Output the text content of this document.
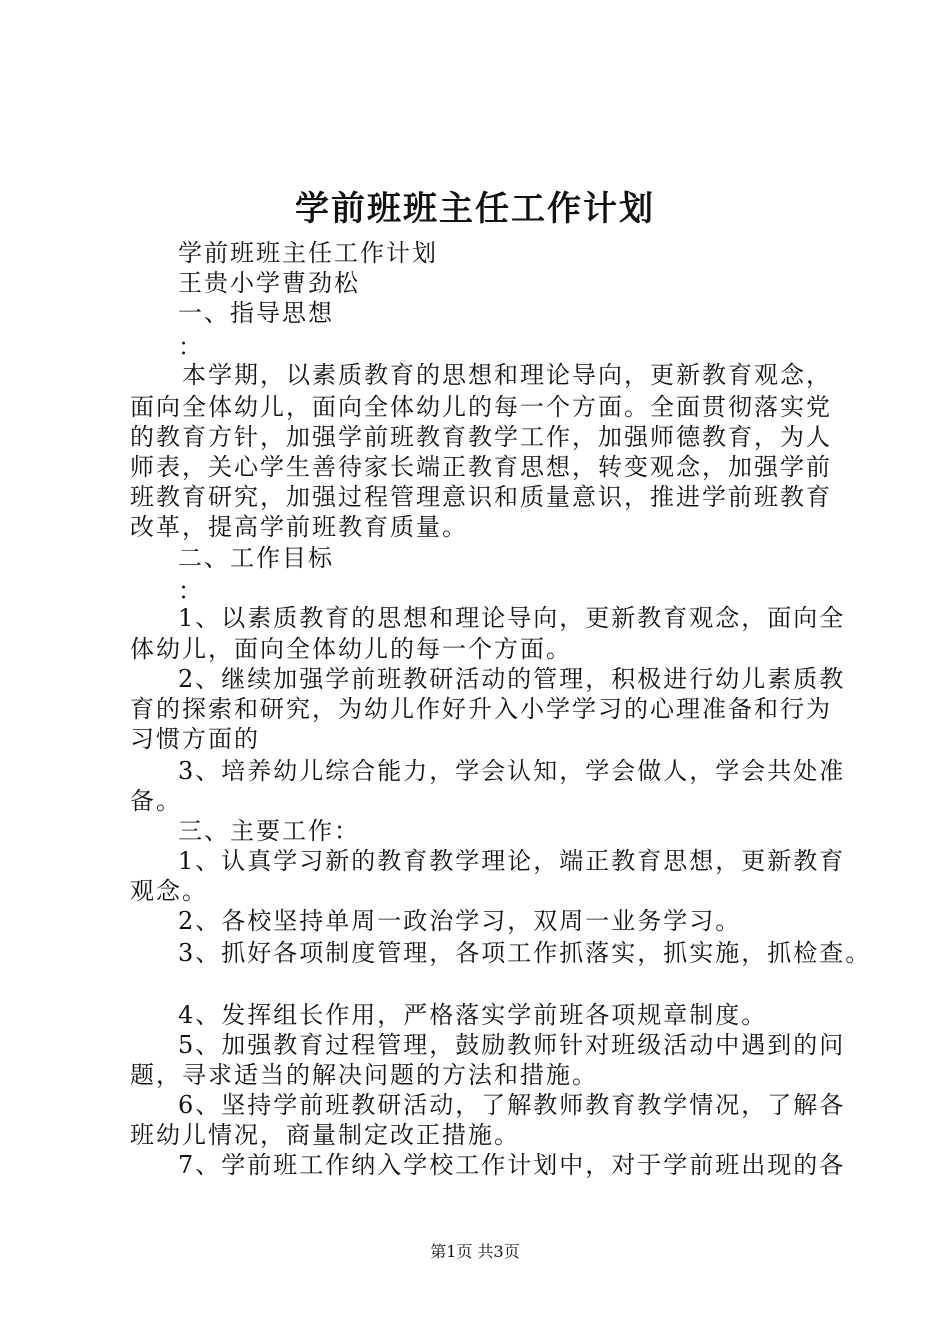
学前班班主任工作计划
学前班班主任工作计划
王贵小学曹劲松
一、指导思想
：
本学期，以素质教育的思想和理论导向，更新教育观念，
面向全体幼儿，面向全体幼儿的每一个方面。全面贯彻落实党
的教育方针，加强学前班教育教学工作，加强师德教育，为人
师表，关心学生善待家长端正教育思想，转变观念，加强学前
班教育研究，加强过程管理意识和质量意识，推进学前班教育
改革，提高学前班教育质量。
二、工作目标
：
1、以素质教育的思想和理论导向，更新教育观念，面向全
体幼儿，面向全体幼儿的每一个方面。
2、继续加强学前班教研活动的管理，积极进行幼儿素质教
育的探索和研究，为幼儿作好升入小学学习的心理准备和行为
习惯方面的
3、培养幼儿综合能力，学会认知，学会做人，学会共处准
备。
三、主要工作：
1、认真学习新的教育教学理论，端正教育思想，更新教育
观念。
2、各校坚持单周一政治学习，双周一业务学习。
3、抓好各项制度管理，各项工作抓落实，抓实施，抓检查。
4、发挥组长作用，严格落实学前班各项规章制度。
5、加强教育过程管理，鼓励教师针对班级活动中遇到的问
题，寻求适当的解决问题的方法和措施。
6、坚持学前班教研活动，了解教师教育教学情况，了解各
班幼儿情况，商量制定改正措施。
7、学前班工作纳入学校工作计划中，对于学前班出现的各
第1页 共3页
